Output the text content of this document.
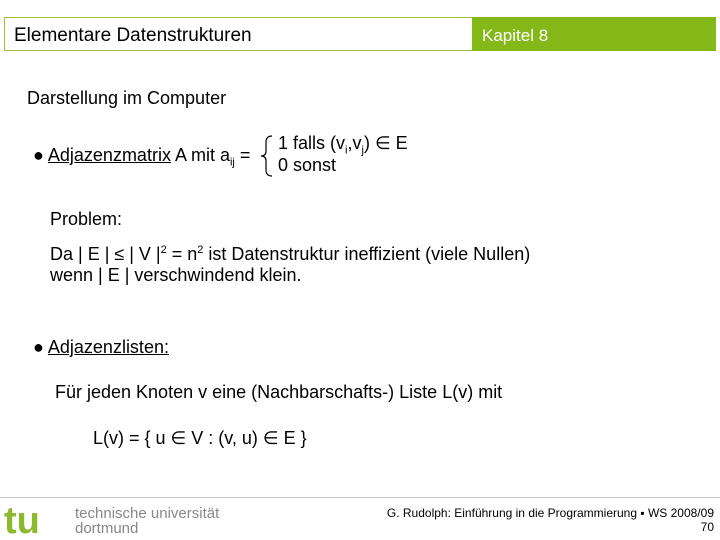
Elementare Datenstrukturen	Kapitel 8
Darstellung im Computer
● Adjazenzmatrix A mit $a_{ij}$ =
1 falls $(v_i,v_j)$ ∈ E
0 sonst
Problem:
Da | E | ≤ | V $|^2 = n^2$ ist Datenstruktur ineffizient (viele Nullen)
wenn | E | verschwindend klein.
● Adjazenzlisten:
Für jeden Knoten v eine (Nachbarschafts-) Liste L(v) mit
L(v) = { u ∈ V : (v, u) ∈ E }
tu technische universität
dortmund
G. Rudolph: Einführung in die Programmierung ▪ WS 2008/09
70
